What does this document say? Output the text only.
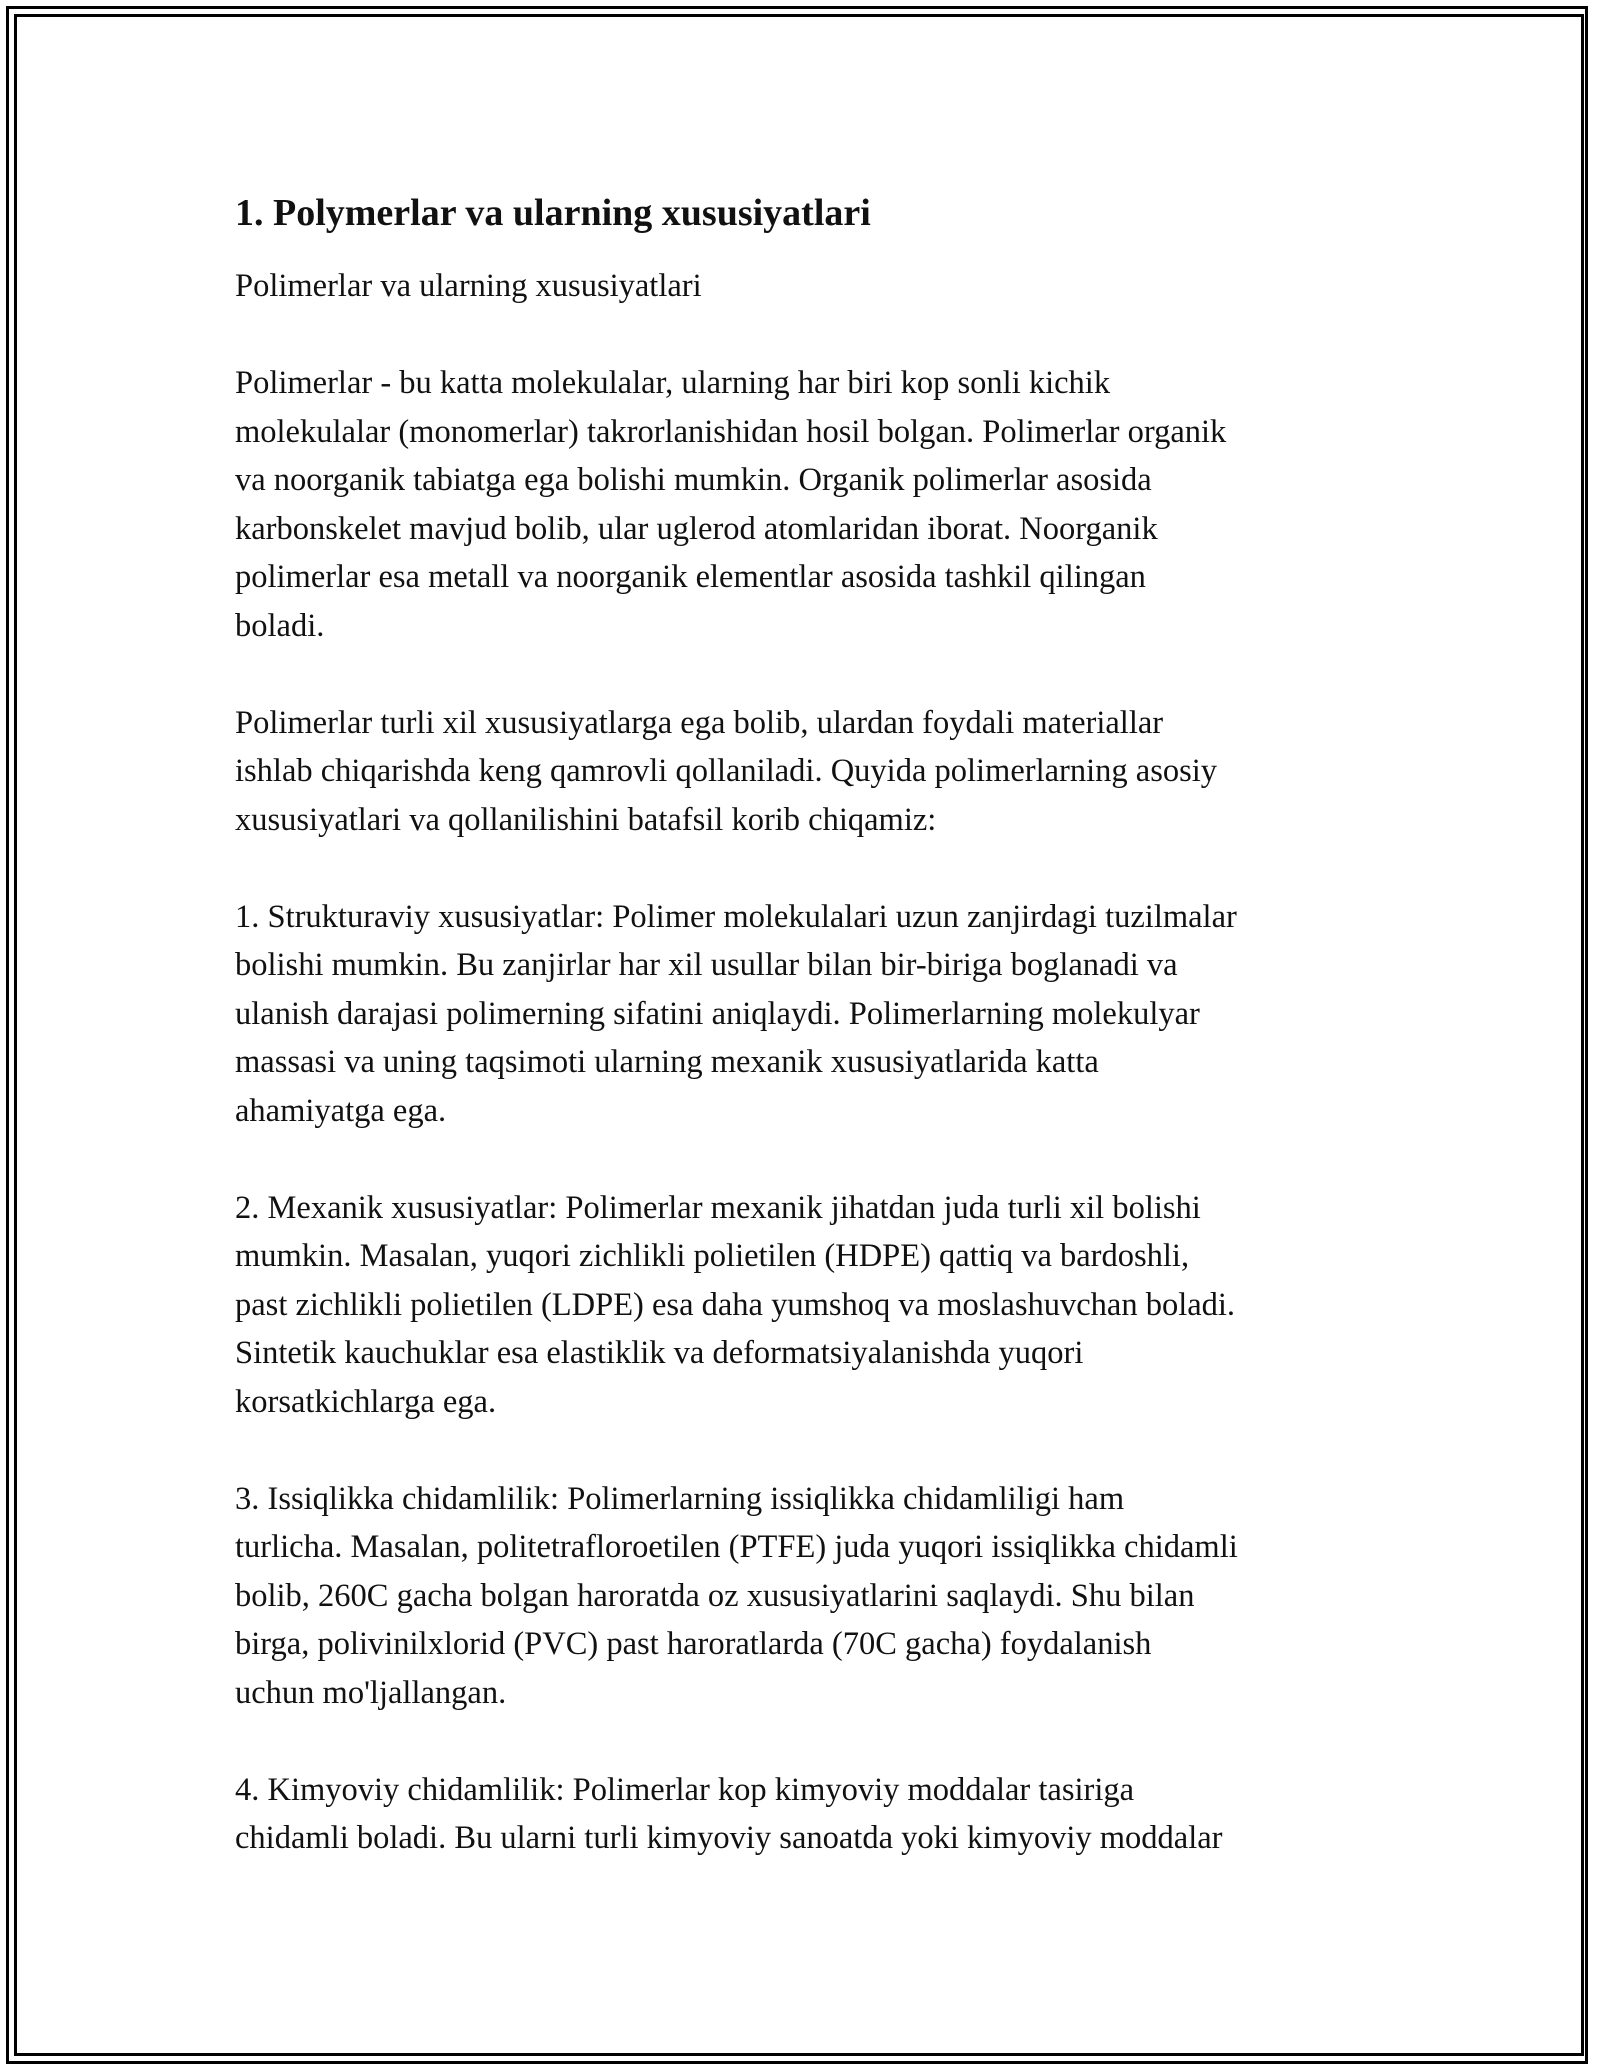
1. Polymerlar va ularning xususiyatlari

Polimerlar va ularning xususiyatlari

Polimerlar - bu katta molekulalar, ularning har biri kop sonli kichik
molekulalar (monomerlar) takrorlanishidan hosil bolgan. Polimerlar organik
va noorganik tabiatga ega bolishi mumkin. Organik polimerlar asosida
karbonskelet mavjud bolib, ular uglerod atomlaridan iborat. Noorganik
polimerlar esa metall va noorganik elementlar asosida tashkil qilingan
boladi.

Polimerlar turli xil xususiyatlarga ega bolib, ulardan foydali materiallar
ishlab chiqarishda keng qamrovli qollaniladi. Quyida polimerlarning asosiy
xususiyatlari va qollanilishini batafsil korib chiqamiz:

1. Strukturaviy xususiyatlar: Polimer molekulalari uzun zanjirdagi tuzilmalar
bolishi mumkin. Bu zanjirlar har xil usullar bilan bir-biriga boglanadi va
ulanish darajasi polimerning sifatini aniqlaydi. Polimerlarning molekulyar
massasi va uning taqsimoti ularning mexanik xususiyatlarida katta
ahamiyatga ega.

2. Mexanik xususiyatlar: Polimerlar mexanik jihatdan juda turli xil bolishi
mumkin. Masalan, yuqori zichlikli polietilen (HDPE) qattiq va bardoshli,
past zichlikli polietilen (LDPE) esa daha yumshoq va moslashuvchan boladi.
Sintetik kauchuklar esa elastiklik va deformatsiyalanishda yuqori
korsatkichlarga ega.

3. Issiqlikka chidamlilik: Polimerlarning issiqlikka chidamliligi ham
turlicha. Masalan, politetrafloroetilen (PTFE) juda yuqori issiqlikka chidamli
bolib, 260C gacha bolgan haroratda oz xususiyatlarini saqlaydi. Shu bilan
birga, polivinilxlorid (PVC) past haroratlarda (70C gacha) foydalanish
uchun mo'ljallangan.

4. Kimyoviy chidamlilik: Polimerlar kop kimyoviy moddalar tasiriga
chidamli boladi. Bu ularni turli kimyoviy sanoatda yoki kimyoviy moddalar
